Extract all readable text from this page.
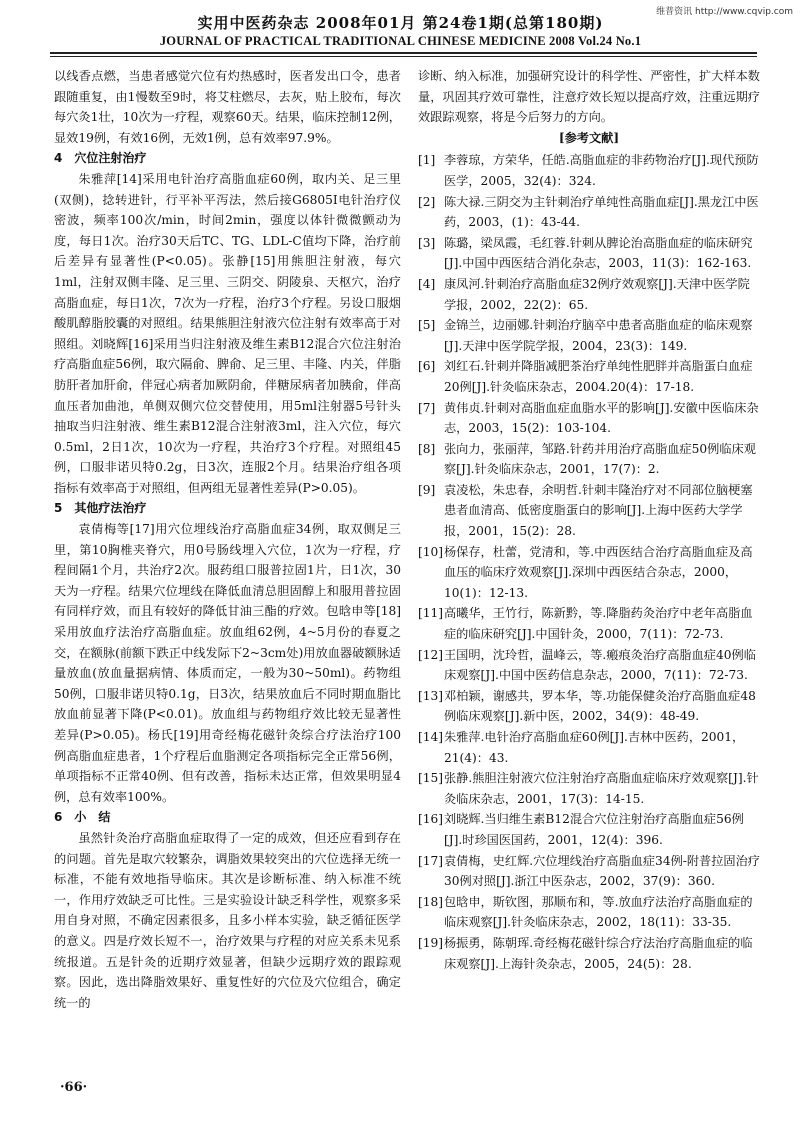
维普资讯 http://www.cqvip.com
实用中医药杂志 2008年01月 第24卷1期(总第180期)
JOURNAL OF PRACTICAL TRADITIONAL CHINESE MEDICINE 2008 Vol.24 No.1

以线香点燃，当患者感觉穴位有灼热感时，医者发出口令，患者跟随重复，由1慢数至9时，将艾柱燃尽，去灰，贴上胶布，每次每穴灸1壮，10次为一疗程，观察60天。结果，临床控制12例，显效19例，有效16例，无效1例，总有效率97.9%。

4　穴位注射治疗

朱雅萍[14]采用电针治疗高脂血症60例，取内关、足三里(双侧)，捻转进针，行平补平泻法，然后接G6805I电针治疗仪密波，频率100次/min，时间2min，强度以体针微微颤动为度，每日1次。治疗30天后TC、TG、LDL-C值均下降，治疗前后差异有显著性(P<0.05)。张静[15]用熊胆注射液，每穴1ml，注射双侧丰隆、足三里、三阴交、阴陵泉、天枢穴，治疗高脂血症，每日1次，7次为一疗程，治疗3个疗程。另设口服烟酸肌醇脂胶囊的对照组。结果熊胆注射液穴位注射有效率高于对照组。刘晓辉[16]采用当归注射液及维生素B12混合穴位注射治疗高脂血症56例，取穴隔俞、脾俞、足三里、丰隆、内关，伴脂肪肝者加肝俞，伴冠心病者加厥阴俞，伴糖尿病者加胰俞，伴高血压者加曲池，单侧双侧穴位交替使用，用5ml注射器5号针头抽取当归注射液、维生素B12混合注射液3ml，注入穴位，每穴0.5ml，2日1次，10次为一疗程，共治疗3个疗程。对照组45例，口服非诺贝特0.2g，日3次，连服2个月。结果治疗组各项指标有效率高于对照组，但两组无显著性差异(P>0.05)。

5　其他疗法治疗

袁倩梅等[17]用穴位埋线治疗高脂血症34例，取双侧足三里，第10胸椎夹脊穴，用0号肠线埋入穴位，1次为一疗程，疗程间隔1个月，共治疗2次。服药组口服普拉固1片，日1次，30天为一疗程。结果穴位埋线在降低血清总胆固醇上和服用普拉固有同样疗效，而且有较好的降低甘油三酯的疗效。包晗申等[18]采用放血疗法治疗高脂血症。放血组62例，4~5月份的春夏之交，在额脉(前额下跌正中线发际下2~3cm处)用放血器破额脉适量放血(放血量据病情、体质而定，一般为30~50ml)。药物组50例，口服非诺贝特0.1g，日3次，结果放血后不同时期血脂比放血前显著下降(P<0.01)。放血组与药物组疗效比较无显著性差异(P>0.05)。杨氏[19]用奇经梅花磁针灸综合疗法治疗100例高脂血症患者，1个疗程后血脂测定各项指标完全正常56例，单项指标不正常40例、但有改善，指标未达正常，但效果明显4例，总有效率100%。

6　小　结

虽然针灸治疗高脂血症取得了一定的成效，但还应看到存在的问题。首先是取穴较繁杂，调脂效果较突出的穴位选择无统一标准，不能有效地指导临床。其次是诊断标准、纳入标准不统一，作用疗效缺乏可比性。三是实验设计缺乏科学性，观察多采用自身对照，不确定因素很多，且多小样本实验，缺乏循征医学的意义。四是疗效长短不一，治疗效果与疗程的对应关系未见系统报道。五是针灸的近期疗效显著，但缺少远期疗效的跟踪观察。因此，选出降脂效果好、重复性好的穴位及穴位组合，确定统一的

诊断、纳入标准，加强研究设计的科学性、严密性，扩大样本数量，巩固其疗效可靠性，注意疗效长短以提高疗效，注重远期疗效跟踪观察，将是今后努力的方向。

[参考文献]

[1] 李蓉琼，方荣华，任皓.高脂血症的非药物治疗[J].现代预防医学，2005，32(4)：324.
[2] 陈大禄.三阴交为主针刺治疗单纯性高脂血症[J].黑龙江中医药，2003，(1)：43-44.
[3] 陈璐，梁凤霞，毛红蓉.针刺从脾论治高脂血症的临床研究[J].中国中西医结合消化杂志，2003，11(3)：162-163.
[4] 康凤河.针刺治疗高脂血症32例疗效观察[J].天津中医学院学报，2002，22(2)：65.
[5] 金锦兰，边丽娜.针刺治疗脑卒中患者高脂血症的临床观察[J].天津中医学院学报，2004，23(3)：149.
[6] 刘红石.针刺并降脂减肥茶治疗单纯性肥胖并高脂蛋白血症20例[J].针灸临床杂志，2004.20(4)：17-18.
[7] 黄伟贞.针刺对高脂血症血脂水平的影响[J].安徽中医临床杂志，2003，15(2)：103-104.
[8] 张向力，张丽萍，邹路.针药并用治疗高脂血症50例临床观察[J].针灸临床杂志，2001，17(7)：2.
[9] 袁凌松，朱忠春，余明哲.针刺丰隆治疗对不同部位脑梗塞患者血清高、低密度脂蛋白的影响[J].上海中医药大学学报，2001，15(2)：28.
[10] 杨保存，杜蕾，党清和，等.中西医结合治疗高脂血症及高血压的临床疗效观察[J].深圳中西医结合杂志，2000，10(1)：12-13.
[11] 高曦华，王竹行，陈新黔，等.降脂药灸治疗中老年高脂血症的临床研究[J].中国针灸，2000，7(11)：72-73.
[12] 王国明，沈玲哲，温峰云，等.瘢痕灸治疗高脂血症40例临床观察[J].中国中医药信息杂志，2000，7(11)：72-73.
[13] 邓柏颖，谢感共，罗本华，等.功能保健灸治疗高脂血症48例临床观察[J].新中医，2002，34(9)：48-49.
[14] 朱雅萍.电针治疗高脂血症60例[J].吉林中医药，2001，21(4)：43.
[15] 张静.熊胆注射液穴位注射治疗高脂血症临床疗效观察[J].针灸临床杂志，2001，17(3)：14-15.
[16] 刘晓辉.当归维生素B12混合穴位注射治疗高脂血症56例[J].时珍国医国药，2001，12(4)：396.
[17] 袁倩梅，史红辉.穴位埋线治疗高脂血症34例-附普拉固治疗30例对照[J].浙江中医杂志，2002，37(9)：360.
[18] 包晗申，斯钦图，那顺布和，等.放血疗法治疗高脂血症的临床观察[J].针灸临床杂志，2002，18(11)：33-35.
[19] 杨振勇，陈朝珲.奇经梅花磁针综合疗法治疗高脂血症的临床观察[J].上海针灸杂志，2005，24(5)：28.
·66·
